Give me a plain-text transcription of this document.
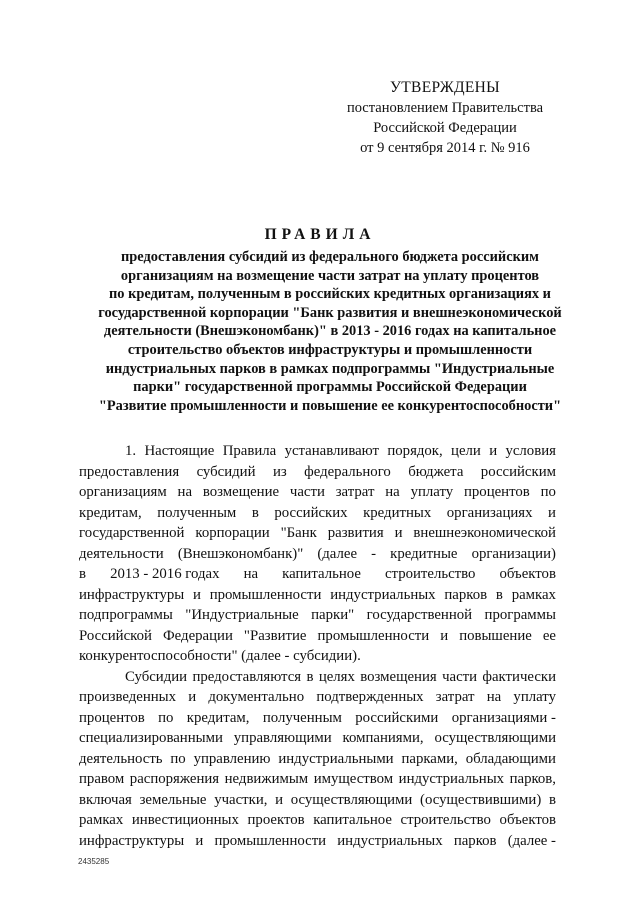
УТВЕРЖДЕНЫ
постановлением Правительства
Российской Федерации
от 9 сентября 2014 г. № 916
ПРАВИЛА
предоставления субсидий из федерального бюджета российским
организациям на возмещение части затрат на уплату процентов
по кредитам, полученным в российских кредитных организациях и
государственной корпорации "Банк развития и внешнеэкономической
деятельности (Внешэкономбанк)" в 2013 - 2016 годах на капитальное
строительство объектов инфраструктуры и промышленности
индустриальных парков в рамках подпрограммы "Индустриальные
парки" государственной программы Российской Федерации
"Развитие промышленности и повышение ее конкурентоспособности"
1. Настоящие Правила устанавливают порядок, цели и условия
предоставления субсидий из федерального бюджета российским
организациям на возмещение части затрат на уплату процентов по
кредитам, полученным в российских кредитных организациях и
государственной корпорации "Банк развития и внешнеэкономической
деятельности (Внешэкономбанк)" (далее - кредитные организации)
в 2013 - 2016 годах на капитальное строительство объектов
инфраструктуры и промышленности индустриальных парков в рамках
подпрограммы "Индустриальные парки" государственной программы
Российской Федерации "Развитие промышленности и повышение ее
конкурентоспособности" (далее - субсидии).
Субсидии предоставляются в целях возмещения части фактически
произведенных и документально подтвержденных затрат на уплату
процентов по кредитам, полученным российскими организациями -
специализированными управляющими компаниями, осуществляющими
деятельность по управлению индустриальными парками, обладающими
правом распоряжения недвижимым имуществом индустриальных парков,
включая земельные участки, и осуществляющими (осуществившими) в
рамках инвестиционных проектов капитальное строительство объектов
инфраструктуры и промышленности индустриальных парков (далее -
2435285
